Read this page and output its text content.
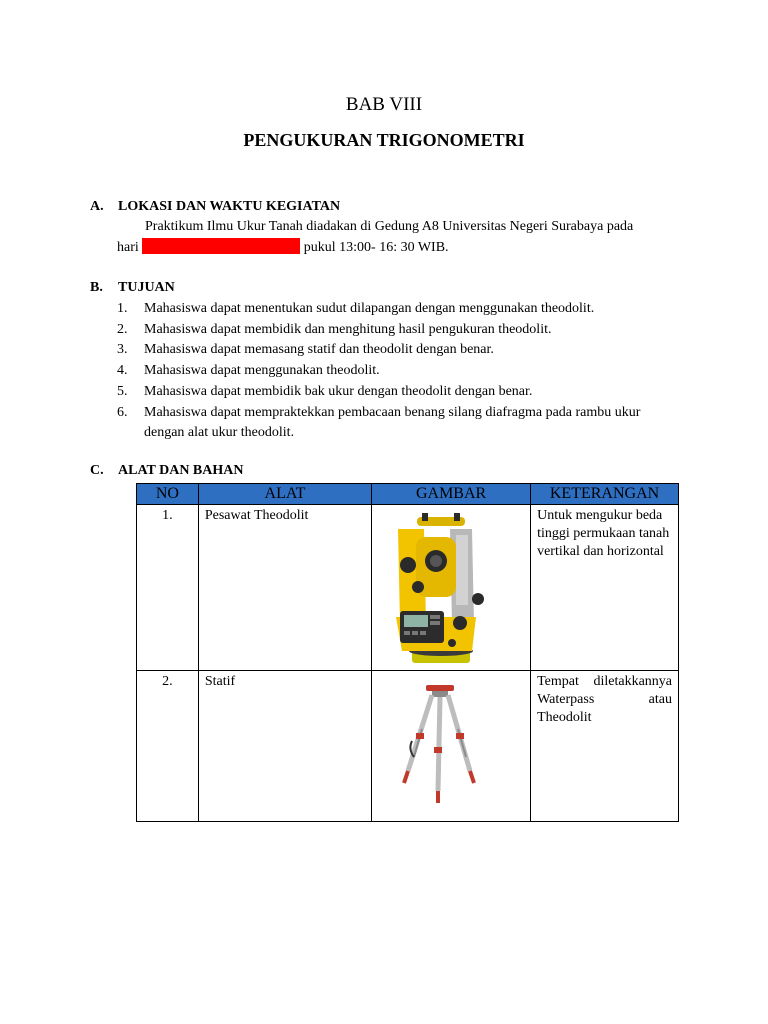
BAB VIII
PENGUKURAN TRIGONOMETRI
A. LOKASI DAN WAKTU KEGIATAN
Praktikum Ilmu Ukur Tanah diadakan di Gedung A8 Universitas Negeri Surabaya pada
hari	pukul 13:00- 16: 30 WIB.
B. TUJUAN
1. Mahasiswa dapat menentukan sudut dilapangan dengan menggunakan theodolit.
2. Mahasiswa dapat membidik dan menghitung hasil pengukuran theodolit.
3. Mahasiswa dapat memasang statif dan theodolit dengan benar.
4. Mahasiswa dapat menggunakan theodolit.
5. Mahasiswa dapat membidik bak ukur dengan theodolit dengan benar.
6. Mahasiswa dapat mempraktekkan pembacaan benang silang diafragma pada rambu ukur
dengan alat ukur theodolit.
C. ALAT DAN BAHAN
NO	ALAT	GAMBAR	KETERANGAN
1.	Pesawat Theodolit		Untuk mengukur beda tinggi permukaan tanah vertikal dan horizontal
2.	Statif		Tempat diletakkannya Waterpass atau Theodolit
